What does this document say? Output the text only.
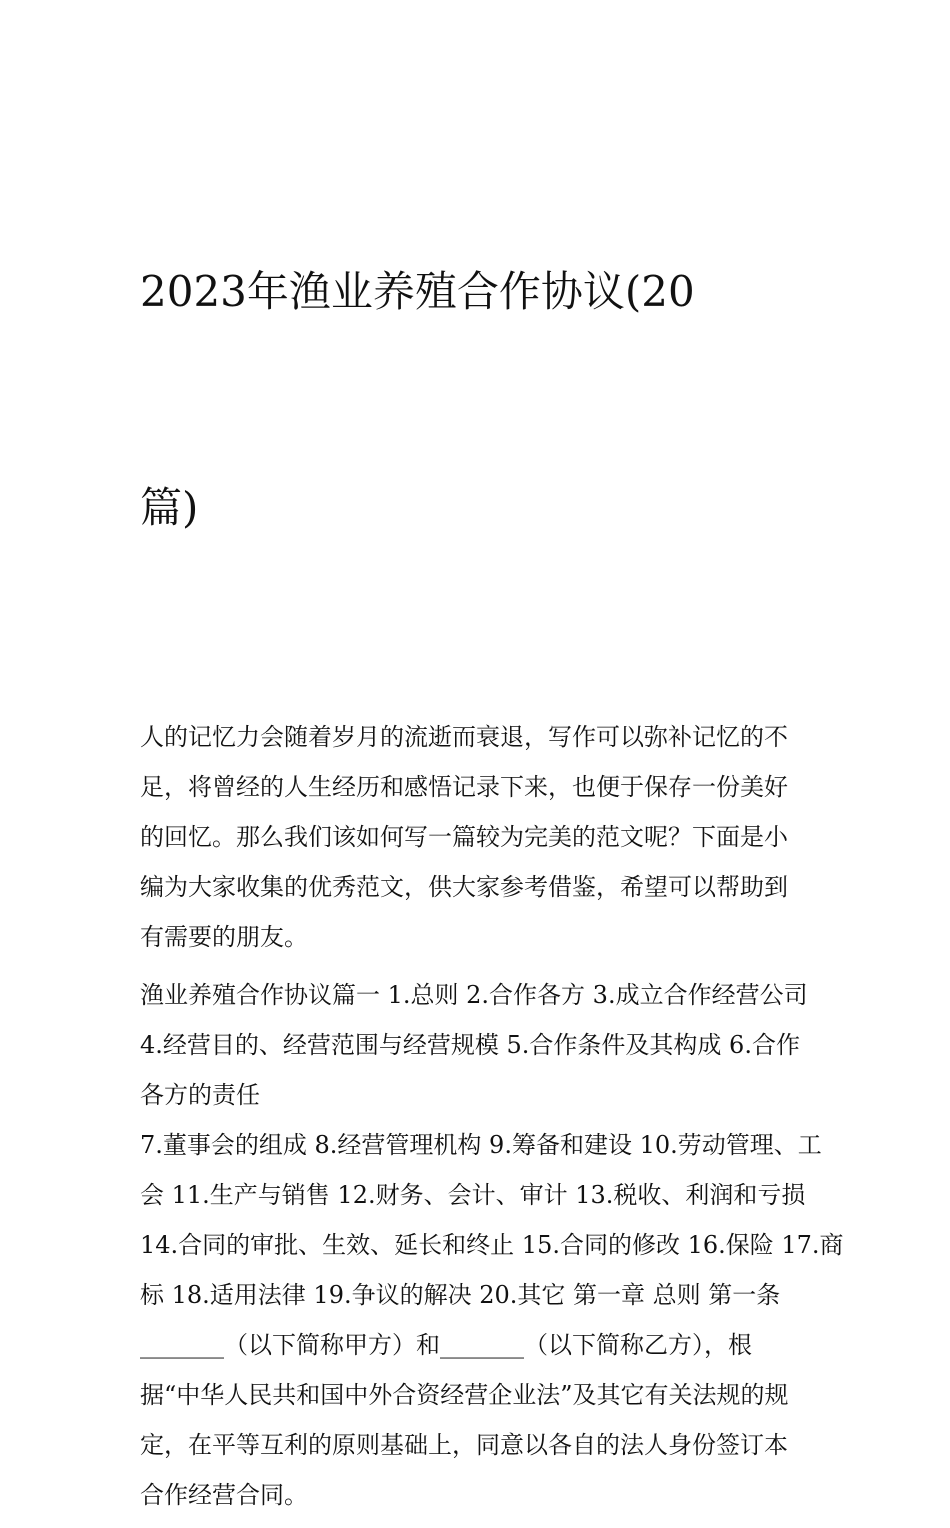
2023年渔业养殖合作协议(20

篇)

人的记忆力会随着岁月的流逝而衰退，写作可以弥补记忆的不
足，将曾经的人生经历和感悟记录下来，也便于保存一份美好
的回忆。那么我们该如何写一篇较为完美的范文呢？下面是小
编为大家收集的优秀范文，供大家参考借鉴，希望可以帮助到
有需要的朋友。

渔业养殖合作协议篇一 1.总则 2.合作各方 3.成立合作经营公司
4.经营目的、经营范围与经营规模 5.合作条件及其构成 6.合作
各方的责任

7.董事会的组成 8.经营管理机构 9.筹备和建设 10.劳动管理、工
会 11.生产与销售 12.财务、会计、审计 13.税收、利润和亏损
14.合同的审批、生效、延长和终止 15.合同的修改 16.保险 17.商
标 18.适用法律 19.争议的解决 20.其它 第一章 总则 第一条
_______（以下简称甲方）和_______（以下简称乙方），根
据“中华人民共和国中外合资经营企业法”及其它有关法规的规
定，在平等互利的原则基础上，同意以各自的法人身份签订本
合作经营合同。
